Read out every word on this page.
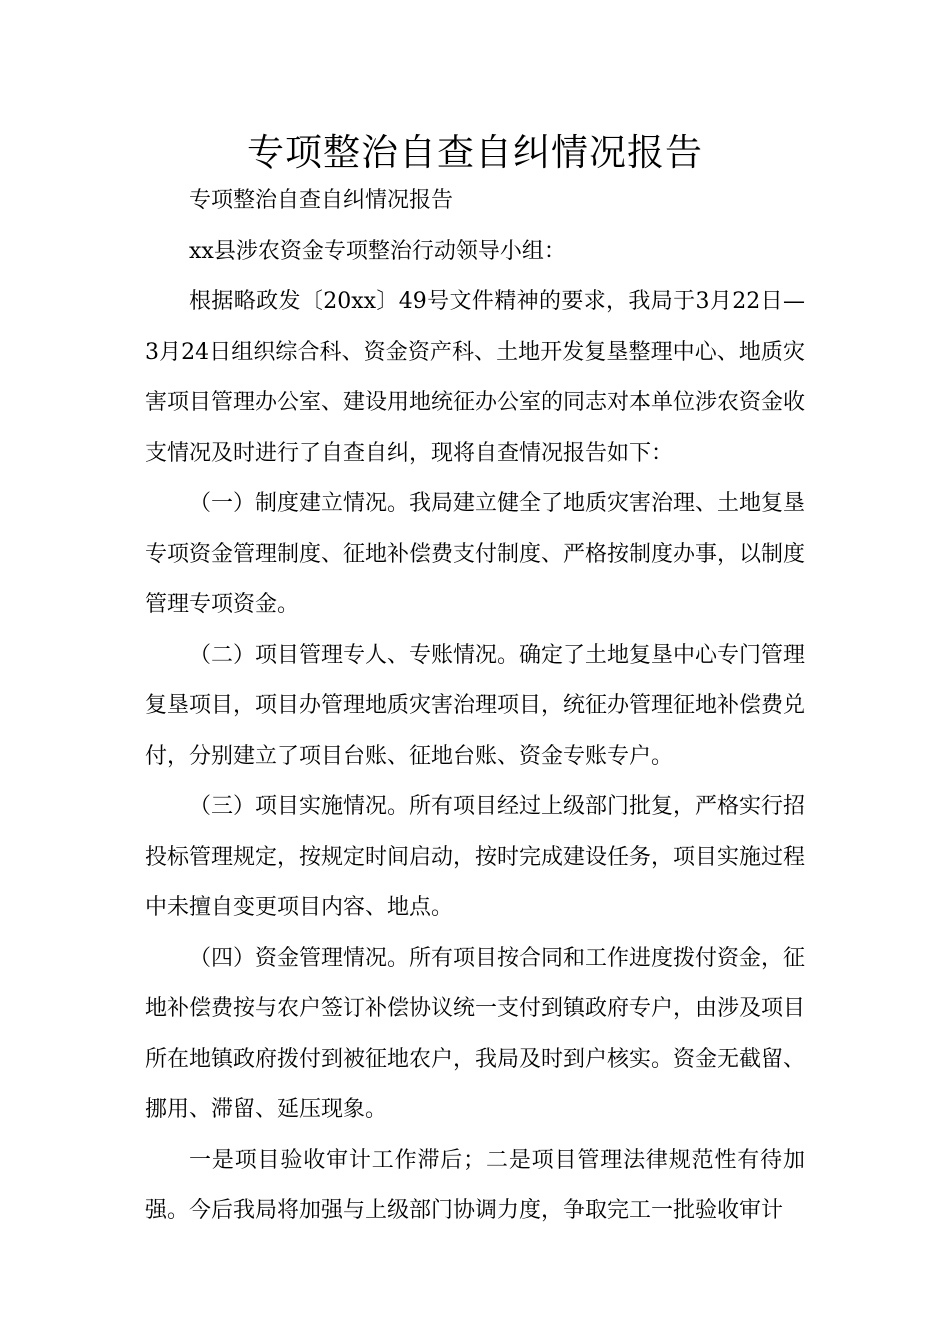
专项整治自查自纠情况报告

专项整治自查自纠情况报告

xx县涉农资金专项整治行动领导小组：

根据略政发〔20xx〕49号文件精神的要求，我局于3月22日—3月24日组织综合科、资金资产科、土地开发复垦整理中心、地质灾害项目管理办公室、建设用地统征办公室的同志对本单位涉农资金收支情况及时进行了自查自纠，现将自查情况报告如下：

（一）制度建立情况。我局建立健全了地质灾害治理、土地复垦专项资金管理制度、征地补偿费支付制度、严格按制度办事，以制度管理专项资金。

（二）项目管理专人、专账情况。确定了土地复垦中心专门管理复垦项目，项目办管理地质灾害治理项目，统征办管理征地补偿费兑付，分别建立了项目台账、征地台账、资金专账专户。

（三）项目实施情况。所有项目经过上级部门批复，严格实行招投标管理规定，按规定时间启动，按时完成建设任务，项目实施过程中未擅自变更项目内容、地点。

（四）资金管理情况。所有项目按合同和工作进度拨付资金，征地补偿费按与农户签订补偿协议统一支付到镇政府专户，由涉及项目所在地镇政府拨付到被征地农户，我局及时到户核实。资金无截留、挪用、滞留、延压现象。

一是项目验收审计工作滞后；二是项目管理法律规范性有待加强。今后我局将加强与上级部门协调力度，争取完工一批验收审计
